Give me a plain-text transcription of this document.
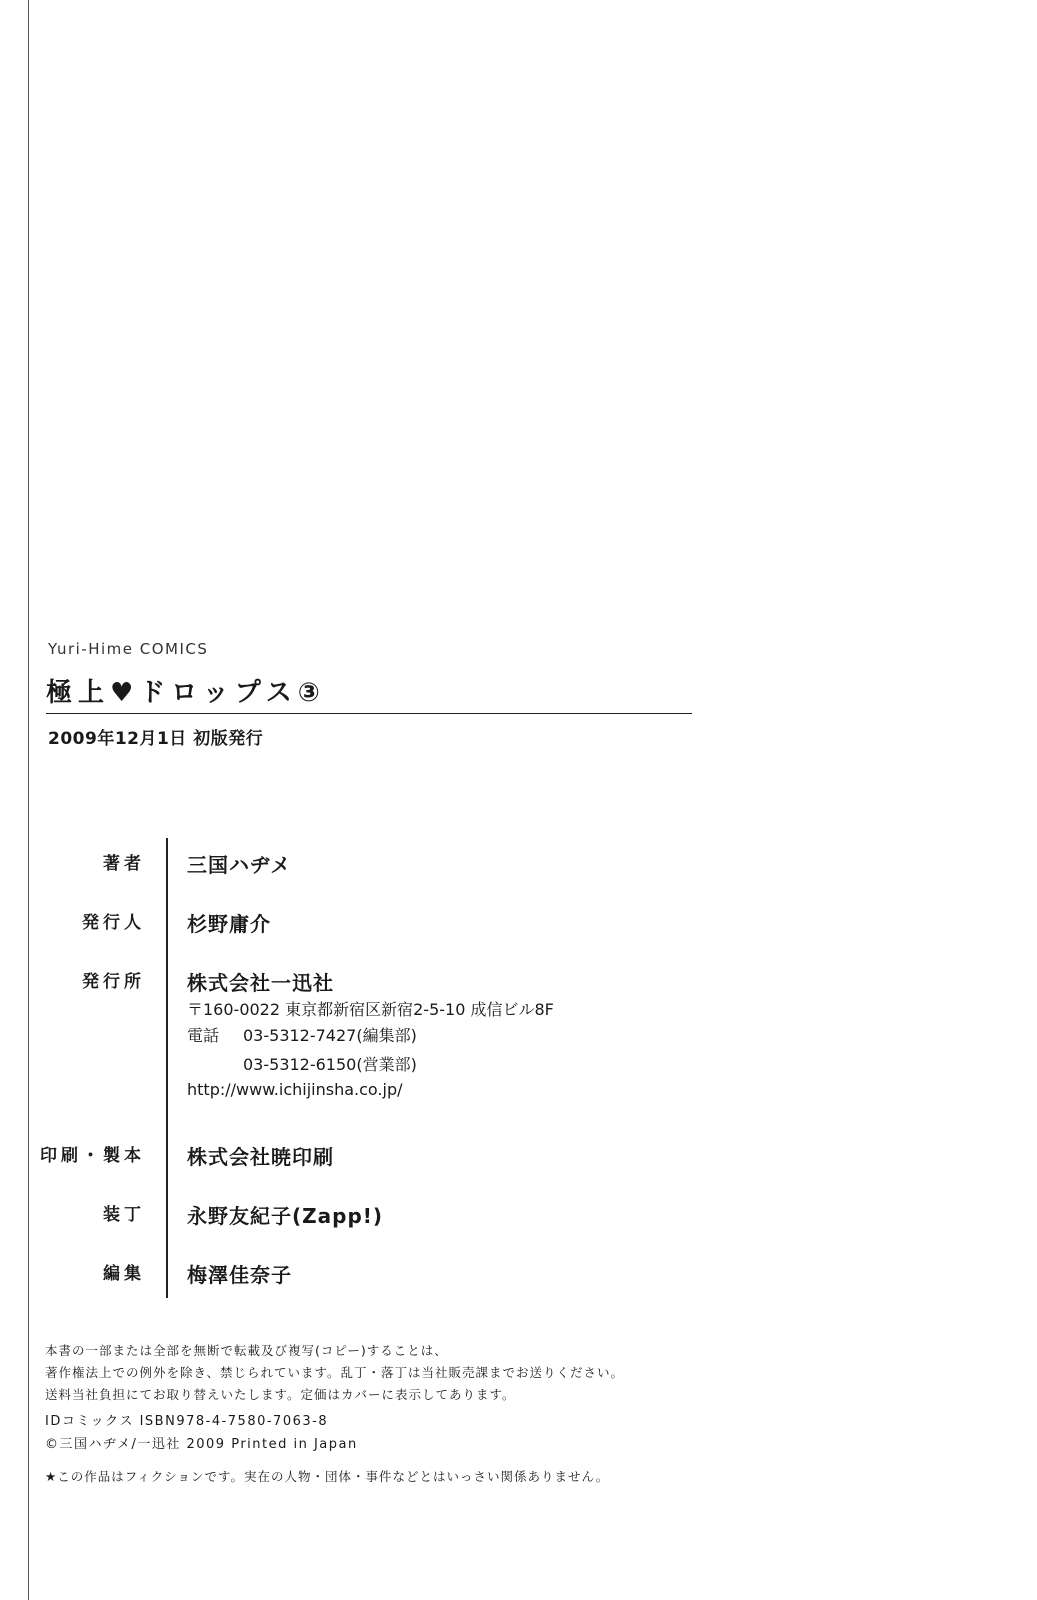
Yuri-Hime COMICS
極上♥ドロップス③
2009年12月1日 初版発行
著者 三国ハヂメ
発行人 杉野庸介
発行所 株式会社一迅社
〒160-0022 東京都新宿区新宿2-5-10 成信ビル8F
電話 03-5312-7427(編集部)
03-5312-6150(営業部)
http://www.ichijinsha.co.jp/
印刷・製本 株式会社暁印刷
装丁 永野友紀子(Zapp!)
編集 梅澤佳奈子
本書の一部または全部を無断で転載及び複写(コピー)することは、
著作権法上での例外を除き、禁じられています。乱丁・落丁は当社販売課までお送りください。
送料当社負担にてお取り替えいたします。定価はカバーに表示してあります。
IDコミックス ISBN978-4-7580-7063-8
©三国ハヂメ/一迅社 2009 Printed in Japan
★この作品はフィクションです。実在の人物・団体・事件などとはいっさい関係ありません。
